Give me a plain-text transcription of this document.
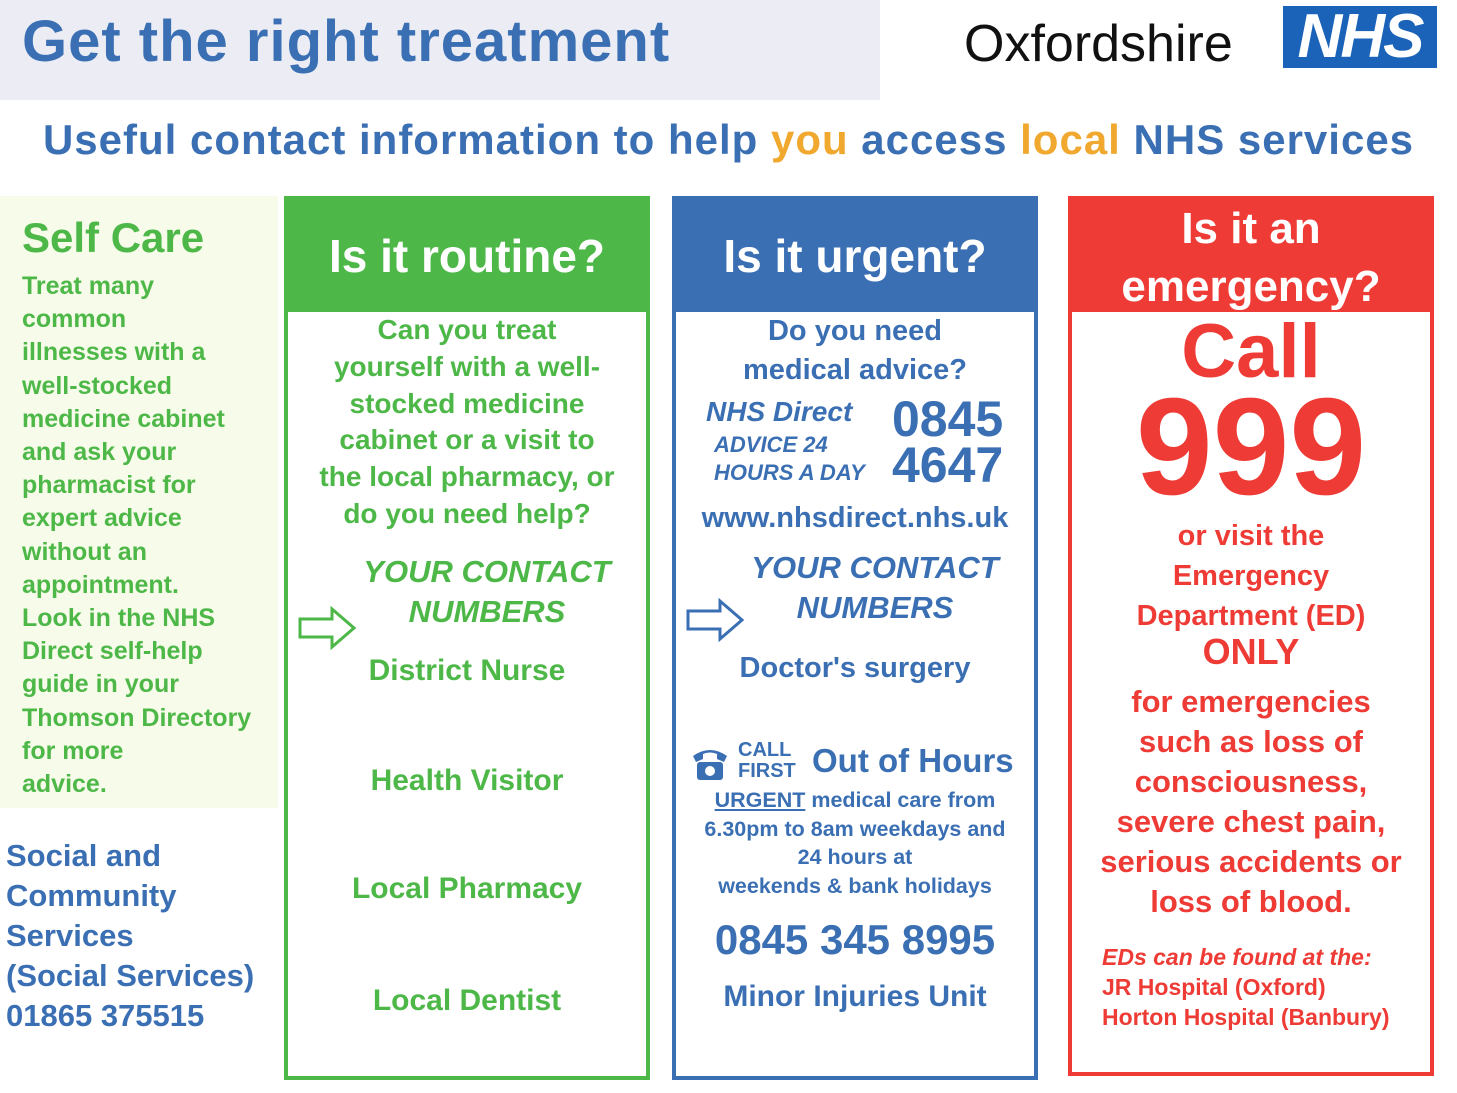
Get the right treatment	Oxfordshire NHS
Useful contact information to help you access local NHS services
Self Care
Treat many
common
illnesses with a
well-stocked
medicine cabinet
and ask your
pharmacist for
expert advice
without an
appointment.
Look in the NHS
Direct self-help
guide in your
Thomson Directory
for more
advice.
Social and
Community
Services
(Social Services)
01865 375515
Is it routine?
Can you treat
yourself with a well-
stocked medicine
cabinet or a visit to
the local pharmacy, or
do you need help?
YOUR CONTACT
NUMBERS
District Nurse
Health Visitor
Local Pharmacy
Local Dentist
Is it urgent?
Do you need
medical advice?
NHS Direct
ADVICE 24
HOURS A DAY
0845
4647
www.nhsdirect.nhs.uk
YOUR CONTACT
NUMBERS
Doctor's surgery
CALL
FIRST Out of Hours
URGENT medical care from
6.30pm to 8am weekdays and
24 hours at
weekends & bank holidays
0845 345 8995
Minor Injuries Unit
Is it an
emergency?
Call
999
or visit the
Emergency
Department (ED)
ONLY
for emergencies
such as loss of
consciousness,
severe chest pain,
serious accidents or
loss of blood.
EDs can be found at the:
JR Hospital (Oxford)
Horton Hospital (Banbury)
